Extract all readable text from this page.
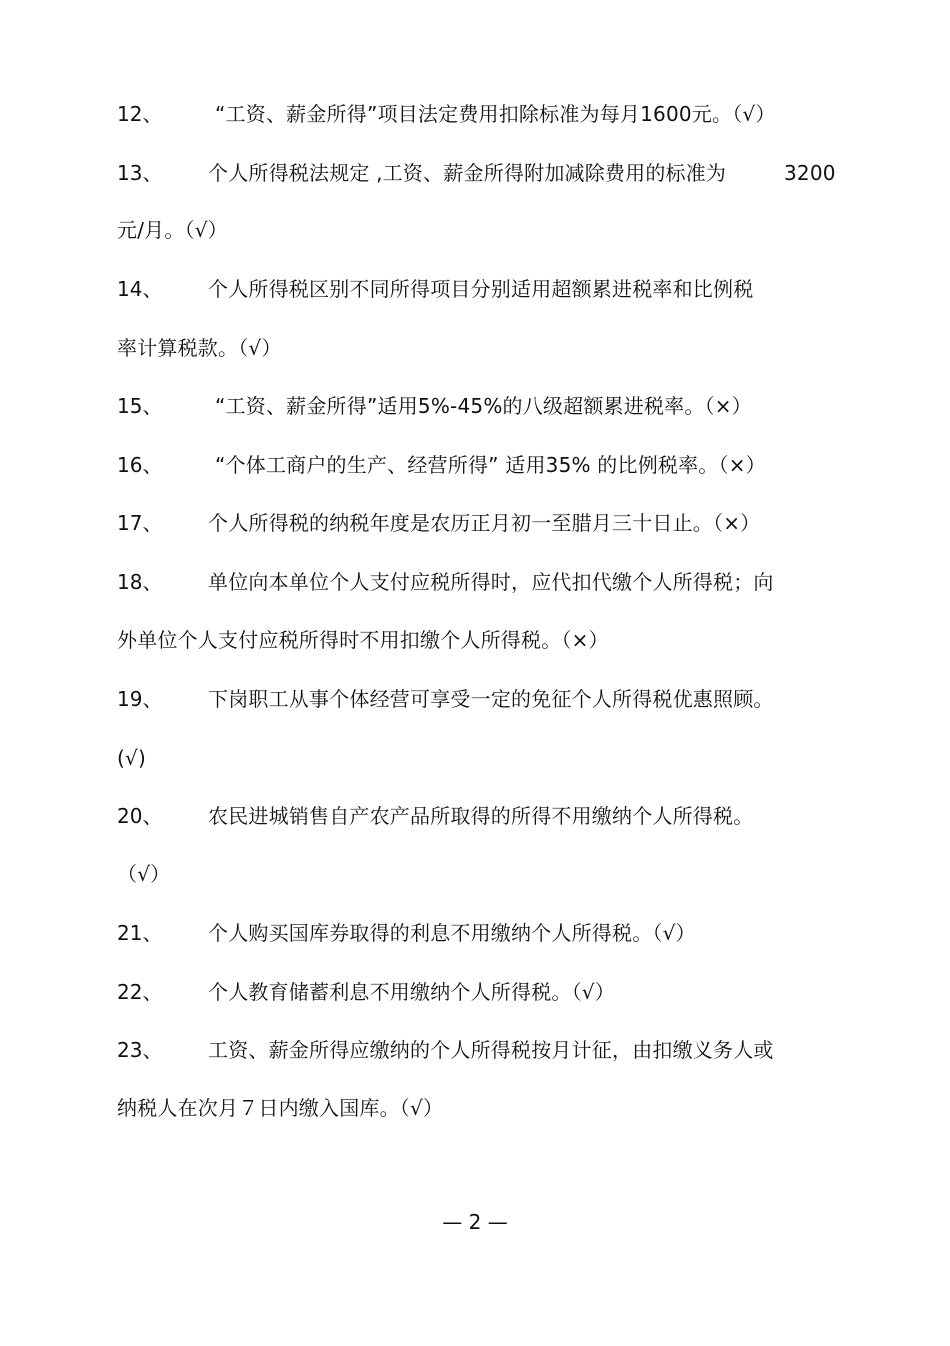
12、	“工资、薪金所得”项目法定费用扣除标准为每月1600元。（√）
13、 个人所得税法规定 ,工资、薪金所得附加减除费用的标准为	3200
元/月。（√）
14、 个人所得税区别不同所得项目分别适用超额累进税率和比例税
率计算税款。（√）
15、	“工资、薪金所得”适用5%-45%的八级超额累进税率。（×）
16、	“个体工商户的生产、经营所得” 适用35% 的比例税率。（×）
17、 个人所得税的纳税年度是农历正月初一至腊月三十日止。（×）
18、 单位向本单位个人支付应税所得时，应代扣代缴个人所得税；向
外单位个人支付应税所得时不用扣缴个人所得税。（×）
19、 下岗职工从事个体经营可享受一定的免征个人所得税优惠照顾。
(√)
20、 农民进城销售自产农产品所取得的所得不用缴纳个人所得税。
（√）
21、 个人购买国库券取得的利息不用缴纳个人所得税。（√）
22、 个人教育储蓄利息不用缴纳个人所得税。（√）
23、 工资、薪金所得应缴纳的个人所得税按月计征，由扣缴义务人或
纳税人在次月７日内缴入国库。（√）
— 2 —
